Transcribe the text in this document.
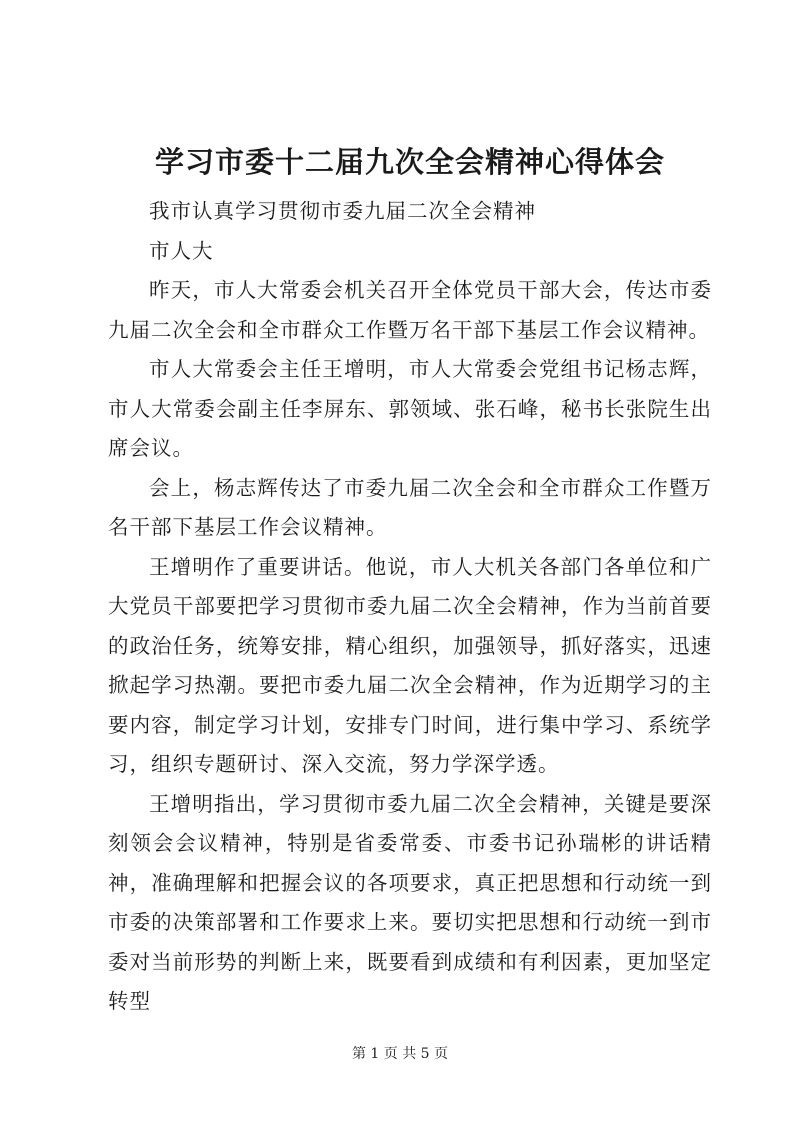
学习市委十二届九次全会精神心得体会

我市认真学习贯彻市委九届二次全会精神

市人大

昨天，市人大常委会机关召开全体党员干部大会，传达市委九届二次全会和全市群众工作暨万名干部下基层工作会议精神。

市人大常委会主任王增明，市人大常委会党组书记杨志辉，市人大常委会副主任李屏东、郭领域、张石峰，秘书长张院生出席会议。

会上，杨志辉传达了市委九届二次全会和全市群众工作暨万名干部下基层工作会议精神。

王增明作了重要讲话。他说，市人大机关各部门各单位和广大党员干部要把学习贯彻市委九届二次全会精神，作为当前首要的政治任务，统筹安排，精心组织，加强领导，抓好落实，迅速掀起学习热潮。要把市委九届二次全会精神，作为近期学习的主要内容，制定学习计划，安排专门时间，进行集中学习、系统学习，组织专题研讨、深入交流，努力学深学透。

王增明指出，学习贯彻市委九届二次全会精神，关键是要深刻领会会议精神，特别是省委常委、市委书记孙瑞彬的讲话精神，准确理解和把握会议的各项要求，真正把思想和行动统一到市委的决策部署和工作要求上来。要切实把思想和行动统一到市委对当前形势的判断上来，既要看到成绩和有利因素，更加坚定转型

第 1 页 共 5 页
